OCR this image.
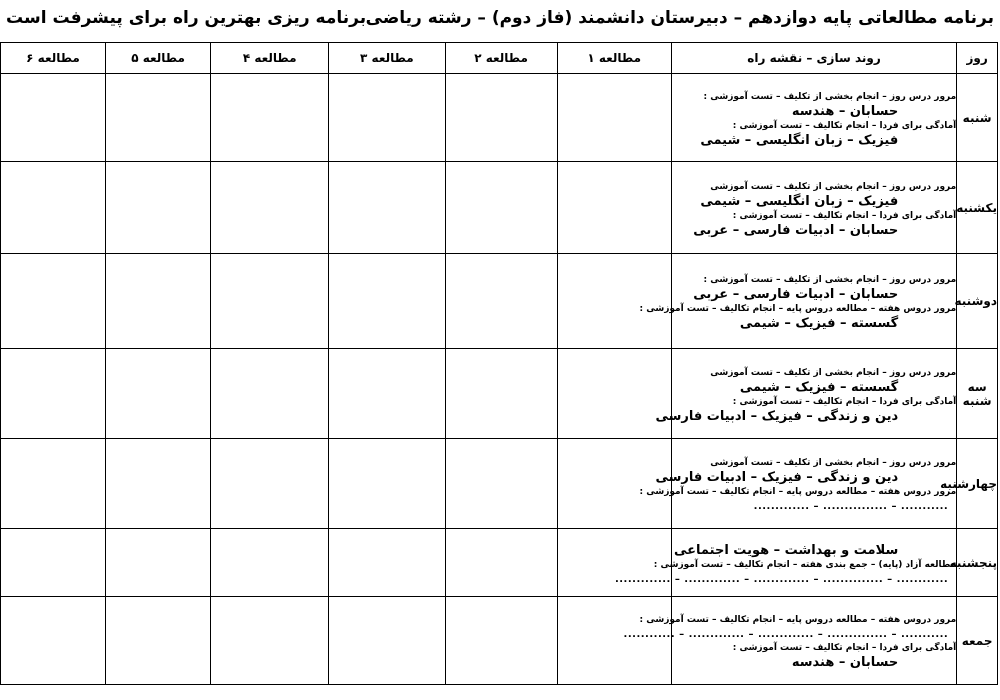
برنامه مطالعاتی پایه دوازدهم – دبیرستان دانشمند (فاز دوم) – رشته ریاضی
برنامه ریزی بهترین راه برای پیشرفت است
روز	روند سازی – نقشه راه	مطالعه ۱	مطالعه ۲	مطالعه ۳	مطالعه ۴	مطالعه ۵	مطالعه ۶
شنبه	مرور درس روز – انجام بخشی از تکلیف – تست آموزشی :
حسابان – هندسه
آمادگی برای فردا – انجام تکالیف – تست آموزشی :
فیزیک – زبان انگلیسی – شیمی						

یکشنبه	مرور درس روز – انجام بخشی از تکلیف – تست آموزشی
فیزیک – زبان انگلیسی – شیمی
آمادگی برای فردا – انجام تکالیف – تست آموزشی :
حسابان – ادبیات فارسی – عربی						

دوشنبه	مرور درس روز – انجام بخشی از تکلیف – تست آموزشی :
حسابان – ادبیات فارسی – عربی
مرور دروس هفته – مطالعه دروس پایه – انجام تکالیف – تست آموزشی :
گسسته – فیزیک – شیمی						

سه شنبه	مرور درس روز – انجام بخشی از تکلیف – تست آموزشی
گسسته – فیزیک – شیمی
آمادگی برای فردا – انجام تکالیف – تست آموزشی :
دین و زندگی – فیزیک – ادبیات فارسی						

چهارشنبه	مرور درس روز – انجام بخشی از تکلیف – تست آموزشی
دین و زندگی – فیزیک – ادبیات فارسی
مرور دروس هفته – مطالعه دروس پایه – انجام تکالیف – تست آموزشی :
........... – ............... – .............						

پنجشنبه	سلامت و بهداشت – هویت اجتماعی
مطالعه آزاد (پایه) – جمع بندی هفته – انجام تکالیف – تست آموزشی :
............ – .............. – ............. – ............. – .............						

جمعه	مرور دروس هفته – مطالعه دروس پایه – انجام تکالیف – تست آموزشی :
........... – .............. – ............. – ............. – ............
آمادگی برای فردا – انجام تکالیف – تست آموزشی :
حسابان – هندسه						
